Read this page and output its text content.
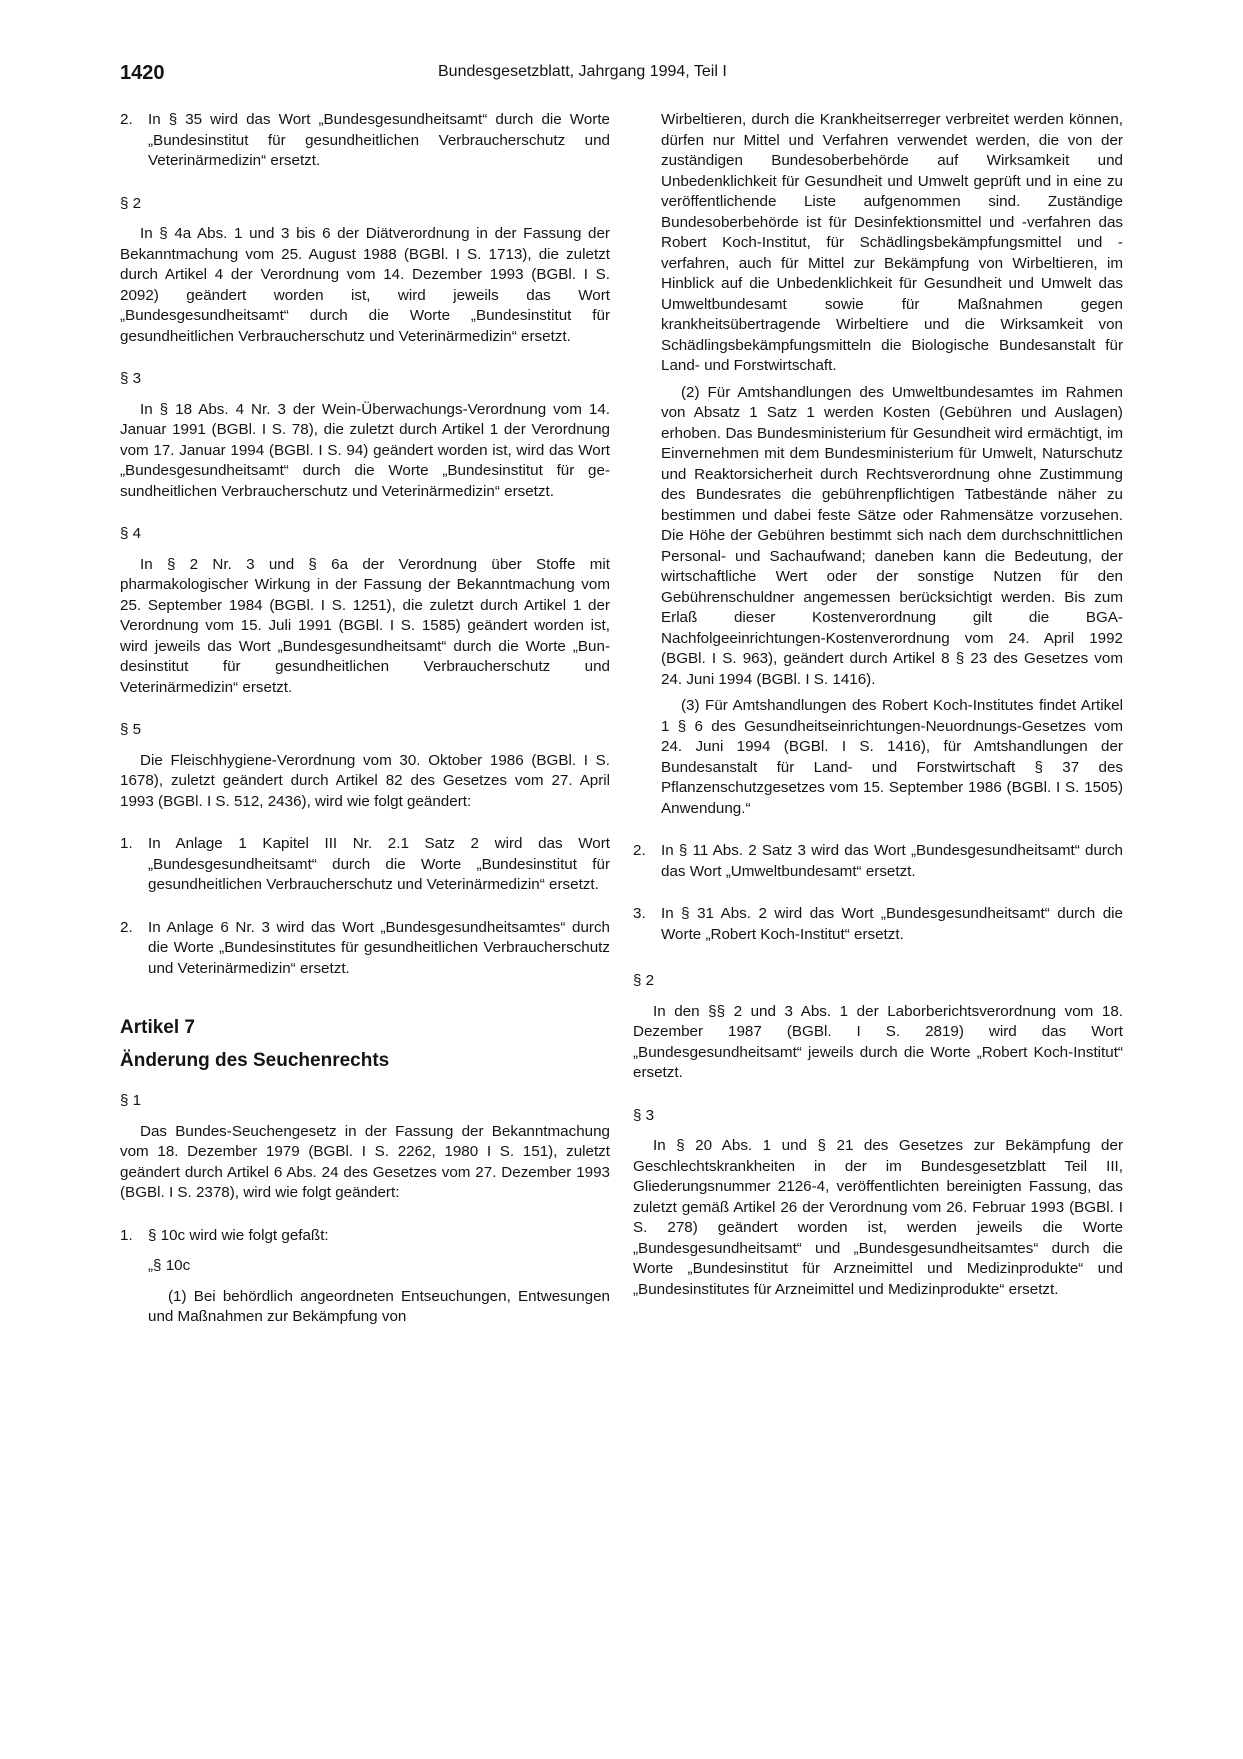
1420	Bundesgesetzblatt, Jahrgang 1994, Teil I
2. In § 35 wird das Wort „Bundesgesundheitsamt“ durch die Worte „Bundesinstitut für gesundheitlichen Verbraucherschutz und Veterinärmedizin“ ersetzt.

§ 2

In § 4a Abs. 1 und 3 bis 6 der Diätverordnung in der Fassung der Bekanntmachung vom 25. August 1988 (BGBl. I S. 1713), die zuletzt durch Artikel 4 der Verordnung vom 14. Dezember 1993 (BGBl. I S. 2092) geändert worden ist, wird jeweils das Wort „Bundesgesundheitsamt“ durch die Worte „Bundesinstitut für gesundheitlichen Verbraucherschutz und Veterinärmedizin“ ersetzt.

§ 3

In § 18 Abs. 4 Nr. 3 der Wein-Überwachungs-Verordnung vom 14. Januar 1991 (BGBl. I S. 78), die zuletzt durch Artikel 1 der Verordnung vom 17. Januar 1994 (BGBl. I S. 94) geändert worden ist, wird das Wort „Bundesgesundheitsamt“ durch die Worte „Bundesinstitut für gesundheitlichen Verbraucherschutz und Veterinärmedizin“ ersetzt.

§ 4

In § 2 Nr. 3 und § 6a der Verordnung über Stoffe mit pharmakologischer Wirkung in der Fassung der Bekanntmachung vom 25. September 1984 (BGBl. I S. 1251), die zuletzt durch Artikel 1 der Verordnung vom 15. Juli 1991 (BGBl. I S. 1585) geändert worden ist, wird jeweils das Wort „Bundesgesundheitsamt“ durch die Worte „Bundesinstitut für gesundheitlichen Verbraucherschutz und Veterinärmedizin“ ersetzt.

§ 5

Die Fleischhygiene-Verordnung vom 30. Oktober 1986 (BGBl. I S. 1678), zuletzt geändert durch Artikel 82 des Gesetzes vom 27. April 1993 (BGBl. I S. 512, 2436), wird wie folgt geändert:

1. In Anlage 1 Kapitel III Nr. 2.1 Satz 2 wird das Wort „Bundesgesundheitsamt“ durch die Worte „Bundesinstitut für gesundheitlichen Verbraucherschutz und Veterinärmedizin“ ersetzt.
2. In Anlage 6 Nr. 3 wird das Wort „Bundesgesundheitsamtes“ durch die Worte „Bundesinstitutes für gesundheitlichen Verbraucherschutz und Veterinärmedizin“ ersetzt.

Artikel 7

Änderung des Seuchenrechts

§ 1

Das Bundes-Seuchengesetz in der Fassung der Bekanntmachung vom 18. Dezember 1979 (BGBl. I S. 2262, 1980 I S. 151), zuletzt geändert durch Artikel 6 Abs. 24 des Gesetzes vom 27. Dezember 1993 (BGBl. I S. 2378), wird wie folgt geändert:

1. § 10c wird wie folgt gefaßt:

„§ 10c

(1) Bei behördlich angeordneten Entseuchungen, Entwesungen und Maßnahmen zur Bekämpfung von

Wirbeltieren, durch die Krankheitserreger verbreitet werden können, dürfen nur Mittel und Verfahren verwendet werden, die von der zuständigen Bundesoberbehörde auf Wirksamkeit und Unbedenklichkeit für Gesundheit und Umwelt geprüft und in eine zu veröffentlichende Liste aufgenommen sind. Zuständige Bundesoberbehörde ist für Desinfektionsmittel und -verfahren das Robert Koch-Institut, für Schädlingsbekämpfungsmittel und -verfahren, auch für Mittel zur Bekämpfung von Wirbeltieren, im Hinblick auf die Unbedenklichkeit für Gesundheit und Umwelt das Umweltbundesamt sowie für Maßnahmen gegen krankheitsübertragende Wirbeltiere und die Wirksamkeit von Schädlingsbekämpfungsmitteln die Biologische Bundesanstalt für Land- und Forstwirtschaft.

(2) Für Amtshandlungen des Umweltbundesamtes im Rahmen von Absatz 1 Satz 1 werden Kosten (Gebühren und Auslagen) erhoben. Das Bundesministerium für Gesundheit wird ermächtigt, im Einvernehmen mit dem Bundesministerium für Umwelt, Naturschutz und Reaktorsicherheit durch Rechtsverordnung ohne Zustimmung des Bundesrates die gebührenpflichtigen Tatbestände näher zu bestimmen und dabei feste Sätze oder Rahmensätze vorzusehen. Die Höhe der Gebühren bestimmt sich nach dem durchschnittlichen Personal- und Sachaufwand; daneben kann die Bedeutung, der wirtschaftliche Wert oder der sonstige Nutzen für den Gebührenschuldner angemessen berücksichtigt werden. Bis zum Erlaß dieser Kostenverordnung gilt die BGA-Nachfolgeeinrichtungen-Kostenverordnung vom 24. April 1992 (BGBl. I S. 963), geändert durch Artikel 8 § 23 des Gesetzes vom 24. Juni 1994 (BGBl. I S. 1416).

(3) Für Amtshandlungen des Robert Koch-Institutes findet Artikel 1 § 6 des Gesundheitseinrichtungen-Neuordnungs-Gesetzes vom 24. Juni 1994 (BGBl. I S. 1416), für Amtshandlungen der Bundesanstalt für Land- und Forstwirtschaft § 37 des Pflanzenschutzgesetzes vom 15. September 1986 (BGBl. I S. 1505) Anwendung.“

2. In § 11 Abs. 2 Satz 3 wird das Wort „Bundesgesundheitsamt“ durch das Wort „Umweltbundesamt“ ersetzt.
3. In § 31 Abs. 2 wird das Wort „Bundesgesundheitsamt“ durch die Worte „Robert Koch-Institut“ ersetzt.

§ 2

In den §§ 2 und 3 Abs. 1 der Laborberichtsverordnung vom 18. Dezember 1987 (BGBl. I S. 2819) wird das Wort „Bundesgesundheitsamt“ jeweils durch die Worte „Robert Koch-Institut“ ersetzt.

§ 3

In § 20 Abs. 1 und § 21 des Gesetzes zur Bekämpfung der Geschlechtskrankheiten in der im Bundesgesetzblatt Teil III, Gliederungsnummer 2126-4, veröffentlichten bereinigten Fassung, das zuletzt gemäß Artikel 26 der Verordnung vom 26. Februar 1993 (BGBl. I S. 278) geändert worden ist, werden jeweils die Worte „Bundesgesundheitsamt“ und „Bundesgesundheitsamtes“ durch die Worte „Bundesinstitut für Arzneimittel und Medizinprodukte“ und „Bundesinstitutes für Arzneimittel und Medizinprodukte“ ersetzt.
